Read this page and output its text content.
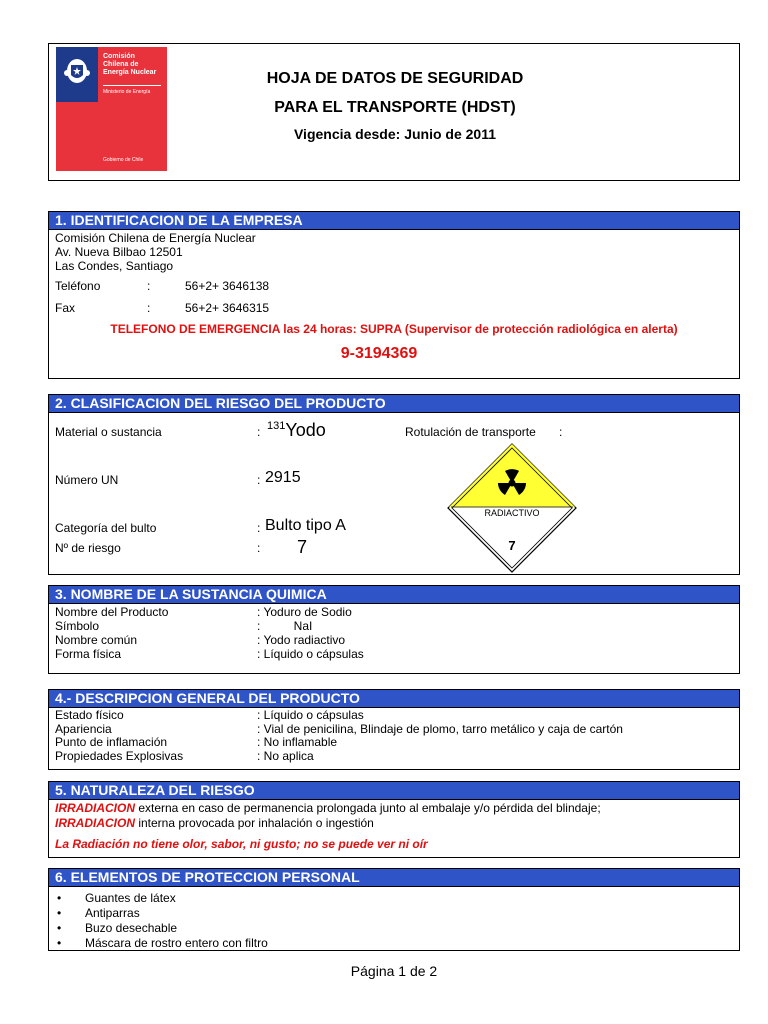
Comisión
Chilena de
Energía Nuclear
Ministerio de Energía
Gobierno de Chile
HOJA DE DATOS DE SEGURIDAD
PARA EL TRANSPORTE (HDST)
Vigencia desde: Junio de 2011
1. IDENTIFICACION DE LA EMPRESA
Comisión Chilena de Energía Nuclear
Av. Nueva Bilbao 12501
Las Condes, Santiago
Teléfono	:	56+2+ 3646138
Fax	:	56+2+ 3646315
TELEFONO DE EMERGENCIA las 24 horas: SUPRA (Supervisor de protección radiológica en alerta)
9-3194369
2. CLASIFICACION DEL RIESGO DEL PRODUCTO
Material o sustancia	: $^{131}$Yodo	Rotulación de transporte :
Número UN	: 2915
Categoría del bulto	: Bulto tipo A
Nº de riesgo	: 7
RADIACTIVO
7
3. NOMBRE DE LA SUSTANCIA QUIMICA
Nombre del Producto	: Yoduro de Sodio
Símbolo	:          NaI
Nombre común	: Yodo radiactivo
Forma física	: Líquido o cápsulas
4.- DESCRIPCION GENERAL DEL PRODUCTO
Estado físico	: Líquido o cápsulas
Apariencia	: Vial de penicilina, Blindaje de plomo, tarro metálico y caja de cartón
Punto de inflamación	: No inflamable
Propiedades Explosivas	: No aplica
5. NATURALEZA DEL RIESGO
IRRADIACION externa en caso de permanencia prolongada junto al embalaje y/o pérdida del blindaje;
IRRADIACION interna provocada por inhalación o ingestión
La Radiación no tiene olor, sabor, ni gusto; no se puede ver ni oír
6. ELEMENTOS DE PROTECCION PERSONAL
• Guantes de látex
• Antiparras
• Buzo desechable
• Máscara de rostro entero con filtro
Página 1 de 2
